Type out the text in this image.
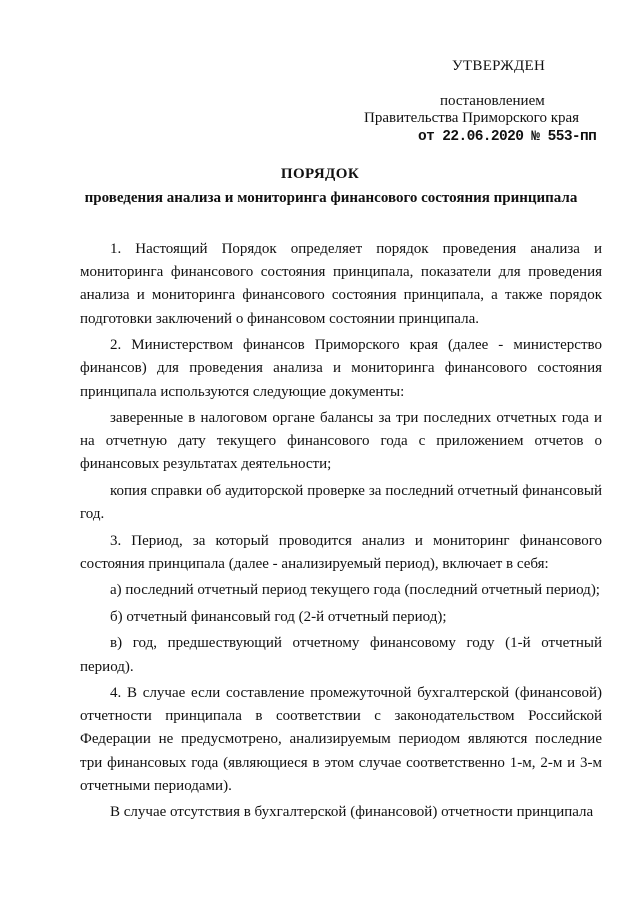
УТВЕРЖДЕН
постановлением
Правительства Приморского края
от 22.06.2020 № 553-пп
ПОРЯДОК
проведения анализа и мониторинга финансового состояния принципала

1. Настоящий Порядок определяет порядок проведения анализа и мониторинга финансового состояния принципала, показатели для проведения анализа и мониторинга финансового состояния принципала, а также порядок подготовки заключений о финансовом состоянии принципала.

2. Министерством финансов Приморского края (далее - министерство финансов) для проведения анализа и мониторинга финансового состояния принципала используются следующие документы:

заверенные в налоговом органе балансы за три последних отчетных года и на отчетную дату текущего финансового года с приложением отчетов о финансовых результатах деятельности;

копия справки об аудиторской проверке за последний отчетный финансовый год.

3. Период, за который проводится анализ и мониторинг финансового состояния принципала (далее - анализируемый период), включает в себя:

а) последний отчетный период текущего года (последний отчетный период);

б) отчетный финансовый год (2-й отчетный период);

в) год, предшествующий отчетному финансовому году (1-й отчетный период).

4. В случае если составление промежуточной бухгалтерской (финансовой) отчетности принципала в соответствии с законодательством Российской Федерации не предусмотрено, анализируемым периодом являются последние три финансовых года (являющиеся в этом случае соответственно 1-м, 2-м и 3-м отчетными периодами).

В случае отсутствия в бухгалтерской (финансовой) отчетности принципала
